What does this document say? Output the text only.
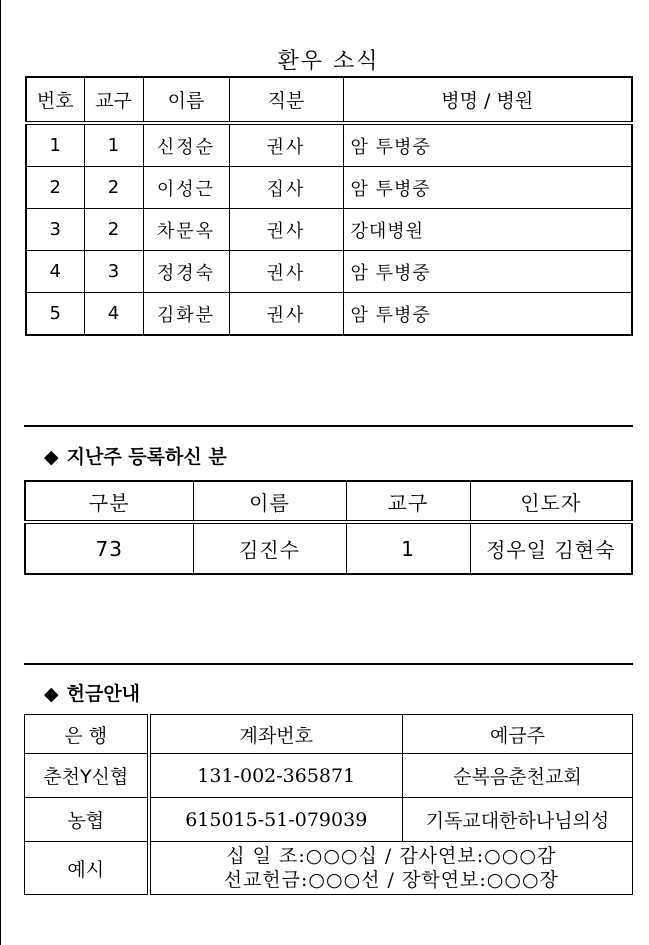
환우 소식
번호	교구	이름	직분	병명 / 병원
1	1	신정순	권사	암 투병중
2	2	이성근	집사	암 투병중
3	2	차문옥	권사	강대병원
4	3	정경숙	권사	암 투병중
5	4	김화분	권사	암 투병중
◆ 지난주 등록하신 분
구분	이름	교구	인도자
73	김진수	1	정우일 김현숙
◆ 헌금안내
은 행	계좌번호	예금주
춘천Y신협	131-002-365871	순복음춘천교회
농협	615015-51-079039	기독교대한하나님의성
예시	십 일 조:○○○십 / 감사연보:○○○감
선교헌금:○○○선 / 장학연보:○○○장	
